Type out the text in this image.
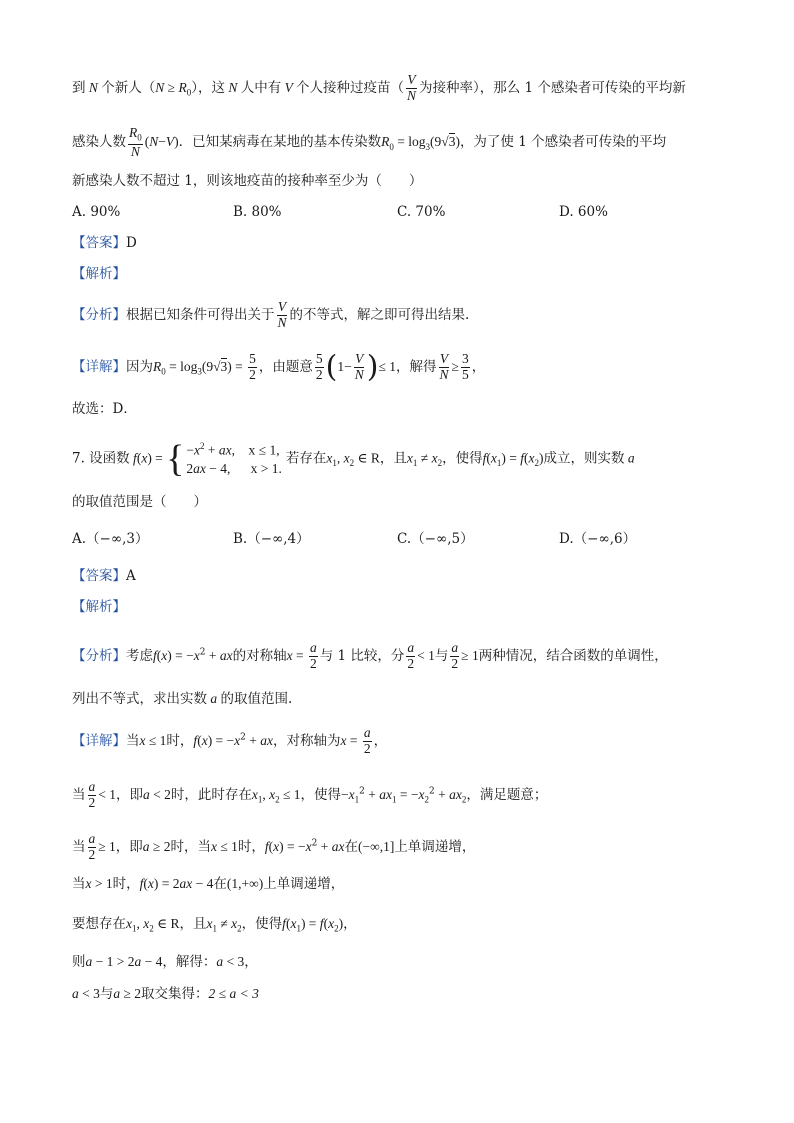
到 N 个新人$(N \ge R_0)$，这 N 人中有 V 个人接种过疫苗（ $\frac{V}{N}$ 为接种率），那么 1 个感染者可传染的平均新
感染人数 $\frac{R_0}{N} (N-V)$．已知某病毒在某地的基本传染数$R_0 = \log_3(9√3)$，为了使 1 个感染者可传染的平均
新感染人数不超过 1，则该地疫苗的接种率至少为（　　）
A. 90%	B. 80%	C. 70%	D. 60%
【答案】D
【解析】
【分析】根据已知条件可得出关于 $\frac{V}{N}$ 的不等式，解之即可得出结果.
【详解】因为$R_0 = \log_3(9√3) = \frac{5}{2}$ ，由题意 $\frac{5}{2} (1- \frac{V}{N}$ )≤ 1，解得 $\frac{V}{N} \ge \frac{3}{5}$ ，
故选：D．
7. 设函数 f(x) = { $-x^2$ + ax,    x ≤ 1,
2ax − 4, x > 1.
若存在$x_1$, $x_2$ ∈ R，且$x_1 \ne x_2$，使得$f(x_1) = f(x_2)$成立，则实数 a
的取值范围是（　　）
A.（−∞,3）	B.（−∞,4）	C.（−∞,5）	D.（−∞,6）
【答案】A
【解析】
【分析】考虑$f(x) = -x^2$ + ax的对称轴$x = \frac{a}{2}$ 与 1 比较，分 $\frac{a}{2} < 1$与 $\frac{a}{2} \ge 1$两种情况，结合函数的单调性，
列出不等式，求出实数 a 的取值范围.
【详解】当x ≤ 1时，$f(x) = -x^2$ + ax，对称轴为$x = \frac{a}{2}$ ，
当 $\frac{a}{2} < 1$，即a < 2时，此时存在$x_1$, $x_2 \le 1$，使得$-x_1^2 + ax_1 = -x_2^2 + ax_2$，满足题意；
当 $\frac{a}{2} \ge 1$，即a ≥ 2时，当x ≤ 1时，$f(x) = -x^2$ + ax在(−∞,1]上单调递增，
当x > 1时，f(x) = 2ax − 4在(1,+∞)上单调递增，
要想存在$x_1$, $x_2$ ∈ R，且$x_1 \ne x_2$，使得$f(x_1) = f(x_2)$，
则a − 1 > 2a − 4，解得：a < 3，
a < 3与a ≥ 2取交集得：2 ≤ a < 3
